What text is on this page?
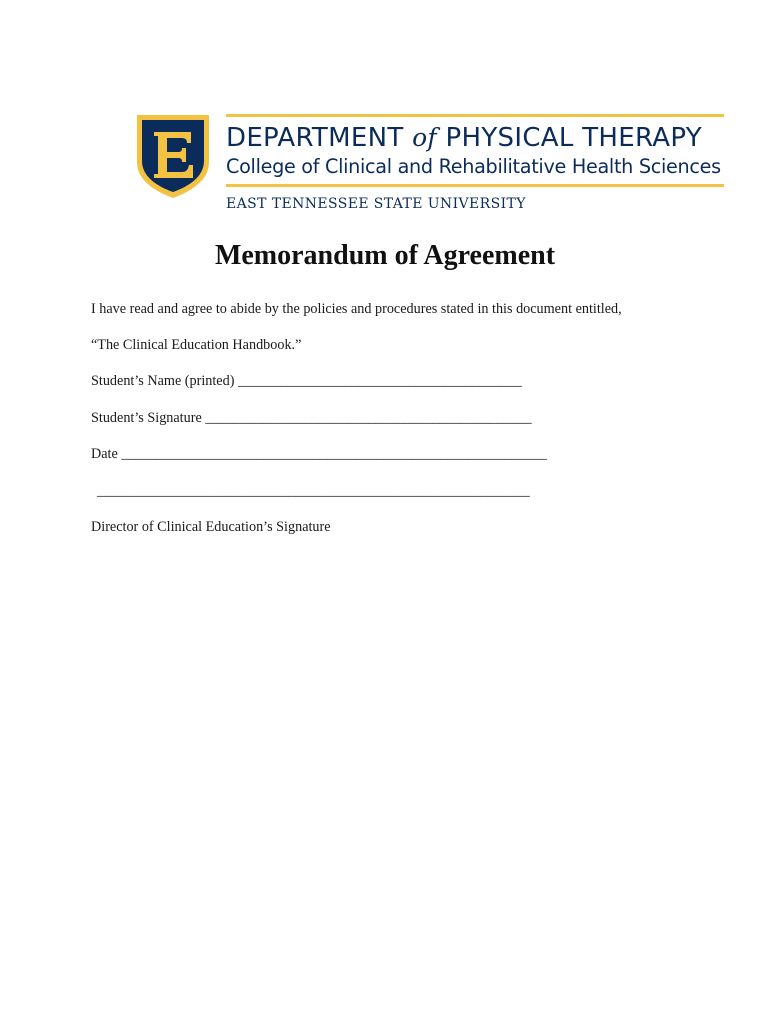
DEPARTMENT of PHYSICAL THERAPY
College of Clinical and Rehabilitative Health Sciences
EAST TENNESSEE STATE UNIVERSITY
Memorandum of Agreement
I have read and agree to abide by the policies and procedures stated in this document entitled,
“The Clinical Education Handbook.”
Student’s Name (printed) ________________________________________
Student’s Signature ______________________________________________
Date ____________________________________________________________
_____________________________________________________________
Director of Clinical Education’s Signature
